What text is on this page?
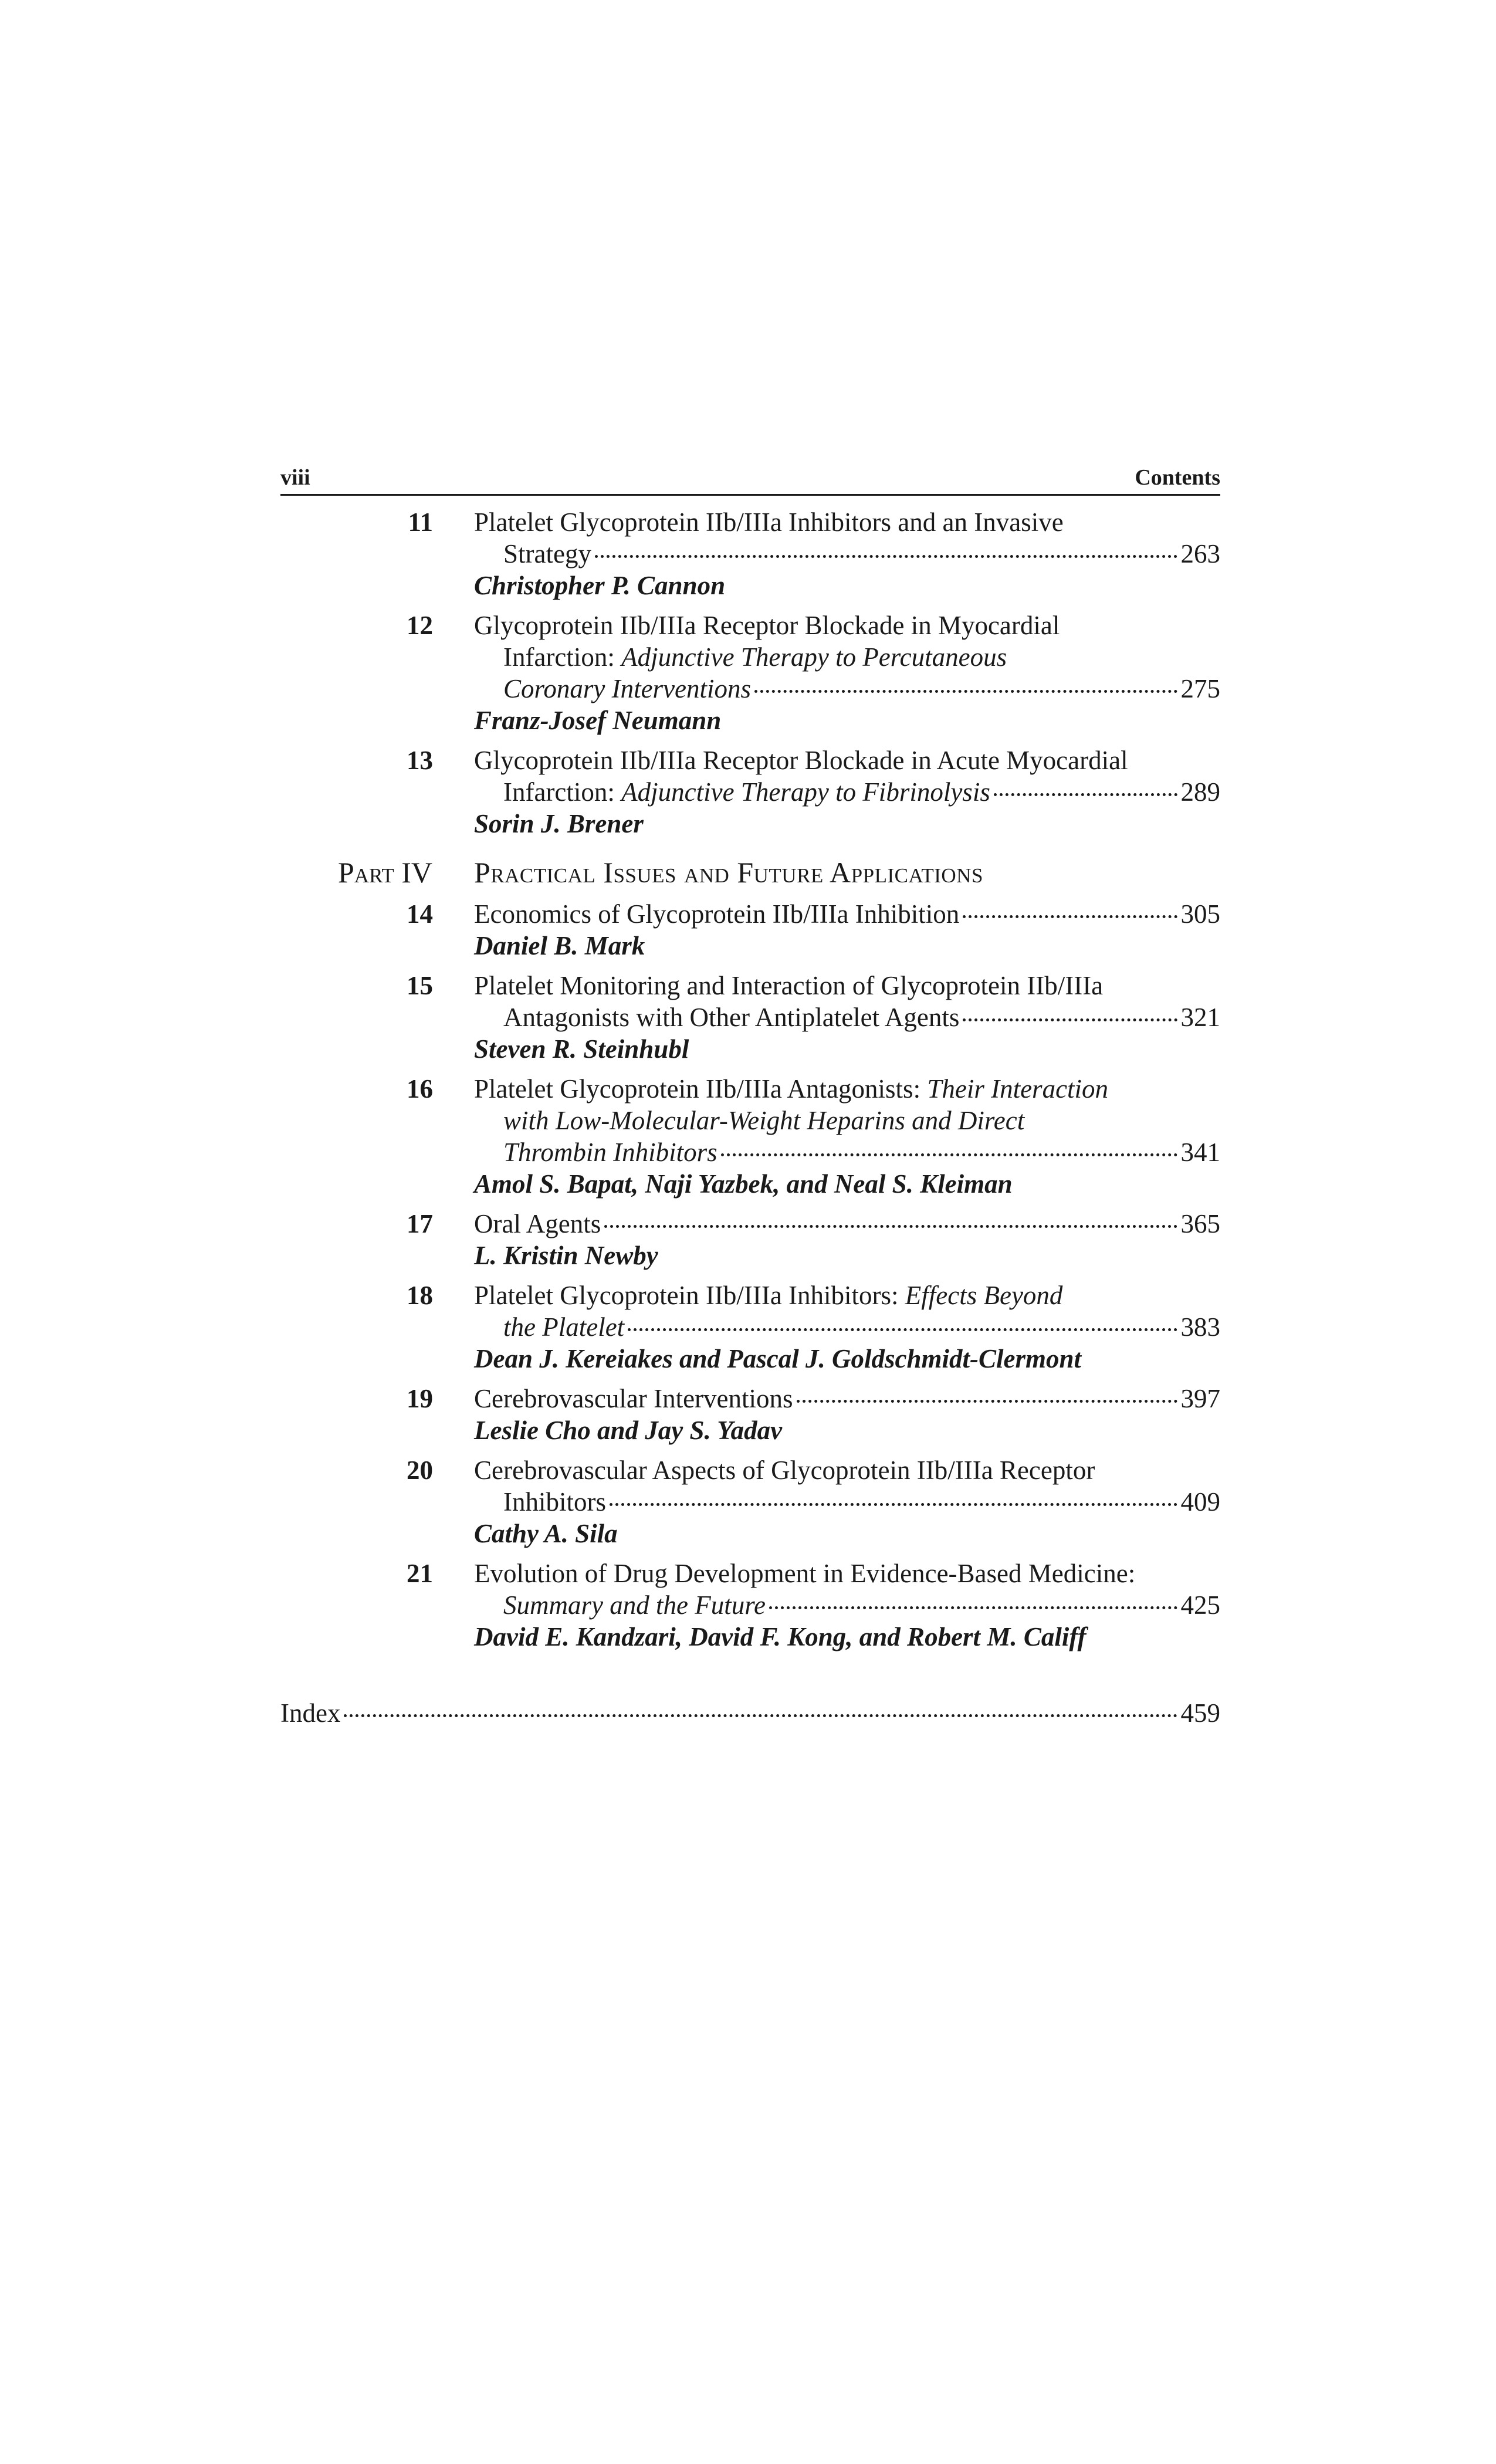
viii	Contents
11 Platelet Glycoprotein IIb/IIIa Inhibitors and an Invasive
Strategy	263
Christopher P. Cannon
12 Glycoprotein IIb/IIIa Receptor Blockade in Myocardial
Infarction: Adjunctive Therapy to Percutaneous
Coronary Interventions	275
Franz-Josef Neumann
13 Glycoprotein IIb/IIIa Receptor Blockade in Acute Myocardial
Infarction: Adjunctive Therapy to Fibrinolysis	289
Sorin J. Brener
Part IV Practical Issues and Future Applications
14 Economics of Glycoprotein IIb/IIIa Inhibition	305
Daniel B. Mark
15 Platelet Monitoring and Interaction of Glycoprotein IIb/IIIa
Antagonists with Other Antiplatelet Agents	321
Steven R. Steinhubl
16 Platelet Glycoprotein IIb/IIIa Antagonists: Their Interaction
with Low-Molecular-Weight Heparins and Direct
Thrombin Inhibitors	341
Amol S. Bapat, Naji Yazbek, and Neal S. Kleiman
17 Oral Agents	365
L. Kristin Newby
18 Platelet Glycoprotein IIb/IIIa Inhibitors: Effects Beyond
the Platelet	383
Dean J. Kereiakes and Pascal J. Goldschmidt-Clermont
19 Cerebrovascular Interventions	397
Leslie Cho and Jay S. Yadav
20 Cerebrovascular Aspects of Glycoprotein IIb/IIIa Receptor
Inhibitors	409
Cathy A. Sila
21 Evolution of Drug Development in Evidence-Based Medicine:
Summary and the Future	425
David E. Kandzari, David F. Kong, and Robert M. Califf
Index	459
